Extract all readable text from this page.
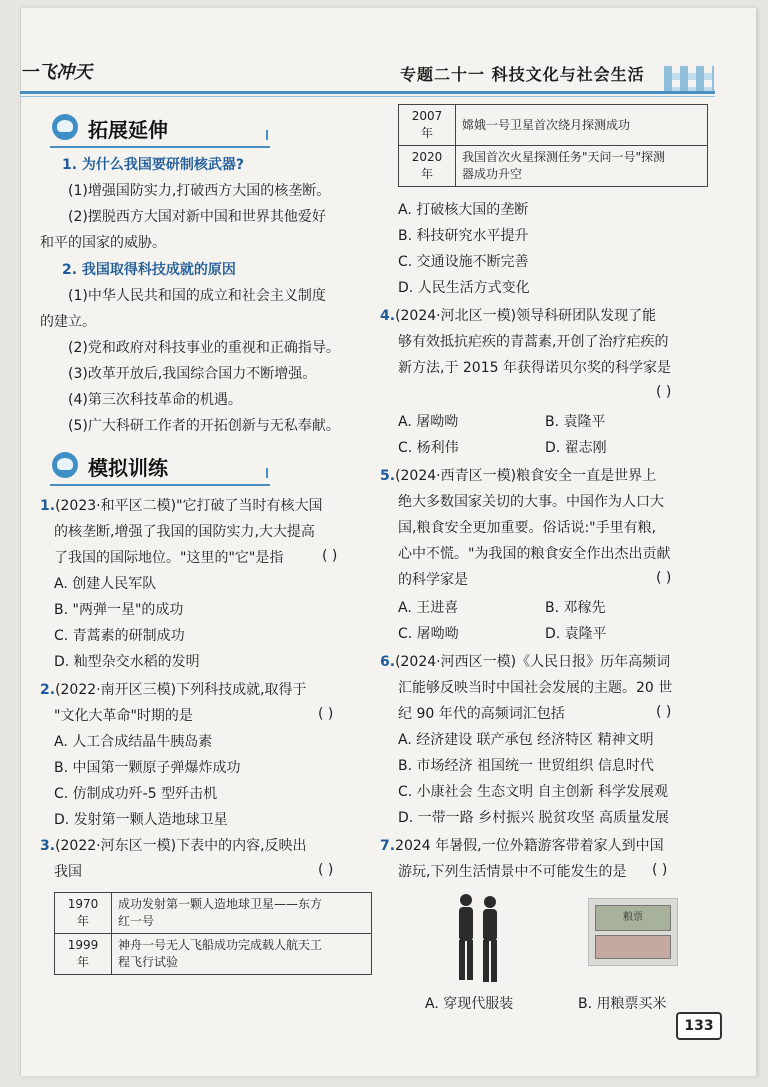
一飞冲天	专题二十一 科技文化与社会生活
拓展延伸
1. 为什么我国要研制核武器?
(1)增强国防实力,打破西方大国的核垄断。
(2)摆脱西方大国对新中国和世界其他爱好
和平的国家的威胁。
2. 我国取得科技成就的原因
(1)中华人民共和国的成立和社会主义制度
的建立。
(2)党和政府对科技事业的重视和正确指导。
(3)改革开放后,我国综合国力不断增强。
(4)第三次科技革命的机遇。
(5)广大科研工作者的开拓创新与无私奉献。
模拟训练
1.(2023·和平区二模)"它打破了当时有核大国
的核垄断,增强了我国的国防实力,大大提高
了我国的国际地位。"这里的"它"是指	( )
A. 创建人民军队
B. "两弹一星"的成功
C. 青蒿素的研制成功
D. 籼型杂交水稻的发明
2.(2022·南开区三模)下列科技成就,取得于
"文化大革命"时期的是	( )
A. 人工合成结晶牛胰岛素
B. 中国第一颗原子弹爆炸成功
C. 仿制成功歼-5 型歼击机
D. 发射第一颗人造地球卫星
3.(2022·河东区一模)下表中的内容,反映出
我国	( )
1970 年	成功发射第一颗人造地球卫星——东方
红一号

1999 年	神舟一号无人飞船成功完成载人航天工
程飞行试验
2007 年	嫦娥一号卫星首次绕月探测成功
2020 年	我国首次火星探测任务"天问一号"探测
器成功升空
A. 打破核大国的垄断
B. 科技研究水平提升
C. 交通设施不断完善
D. 人民生活方式变化
4.(2024·河北区一模)领导科研团队发现了能
够有效抵抗疟疾的青蒿素,开创了治疗疟疾的
新方法,于 2015 年获得诺贝尔奖的科学家是
( )
A. 屠呦呦	B. 袁隆平
C. 杨利伟	D. 翟志刚
5.(2024·西青区一模)粮食安全一直是世界上
绝大多数国家关切的大事。中国作为人口大
国,粮食安全更加重要。俗话说:"手里有粮,
心中不慌。"为我国的粮食安全作出杰出贡献
的科学家是	( )
A. 王进喜	B. 邓稼先
C. 屠呦呦	D. 袁隆平
6.(2024·河西区一模)《人民日报》历年高频词
汇能够反映当时中国社会发展的主题。20 世
纪 90 年代的高频词汇包括	( )
A. 经济建设 联产承包 经济特区 精神文明
B. 市场经济 祖国统一 世贸组织 信息时代
C. 小康社会 生态文明 自主创新 科学发展观
D. 一带一路 乡村振兴 脱贫攻坚 高质量发展
7.2024 年暑假,一位外籍游客带着家人到中国
游玩,下列生活情景中不可能发生的是 ( )
粮票
A. 穿现代服装	B. 用粮票买米
133
